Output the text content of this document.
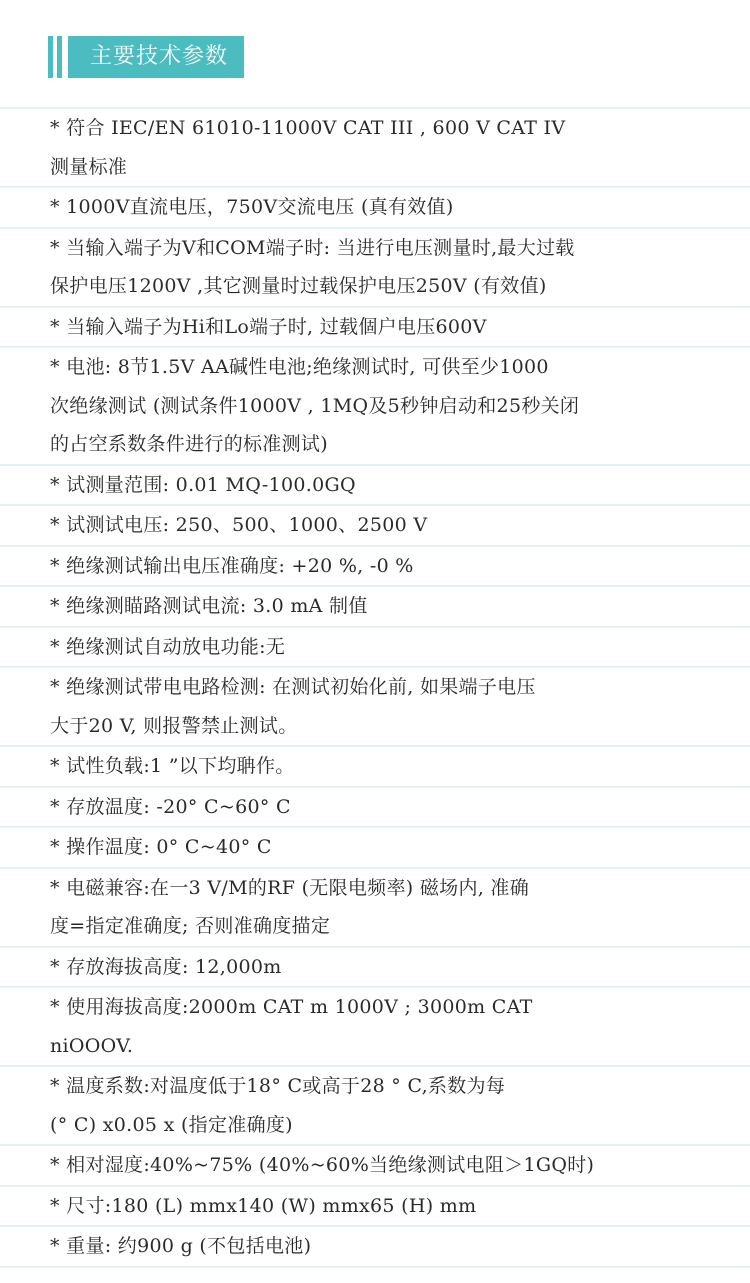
主要技术参数
* 符合 IEC/EN 61010-11000V CAT III , 600 V CAT IV
测量标准
* 1000V直流电压，750V交流电压 (真有效值)
* 当输入端子为V和COM端子时: 当进行电压测量时,最大过载
保护电压1200V ,其它测量时过载保护电压250V (有效值)
* 当输入端子为Hi和Lo端子时, 过载個户电压600V
* 电池: 8节1.5V AA碱性电池;绝缘测试时, 可供至少1000
次绝缘测试 (测试条件1000V , 1MQ及5秒钟启动和25秒关闭
的占空系数条件进行的标准测试)
* 试测量范围: 0.01 MQ-100.0GQ
* 试测试电压: 250、500、1000、2500 V
* 绝缘测试输出电压准确度: +20 %, -0 %
* 绝缘测瞄路测试电流: 3.0 mA 制值
* 绝缘测试自动放电功能:无
* 绝缘测试带电电路检测: 在测试初始化前, 如果端子电压
大于20 V, 则报警禁止测试。
* 试性负载:1 ”以下均聃作。
* 存放温度: -20° C~60° C
* 操作温度: 0° C~40° C
* 电磁兼容:在一3 V/M的RF (无限电频率) 磁场内, 准确
度=指定准确度; 否则准确度描定
* 存放海拔高度: 12,000m
* 使用海拔高度:2000m CAT m 1000V ; 3000m CAT
niOOOV.
* 温度系数:对温度低于18° C或高于28 ° C,系数为每
(° C) x0.05 x (指定准确度)
* 相对湿度:40%~75% (40%~60%当绝缘测试电阻＞1GQ时)
* 尺寸:180 (L) mmx140 (W) mmx65 (H) mm
* 重量: 约900 g (不包括电池)
